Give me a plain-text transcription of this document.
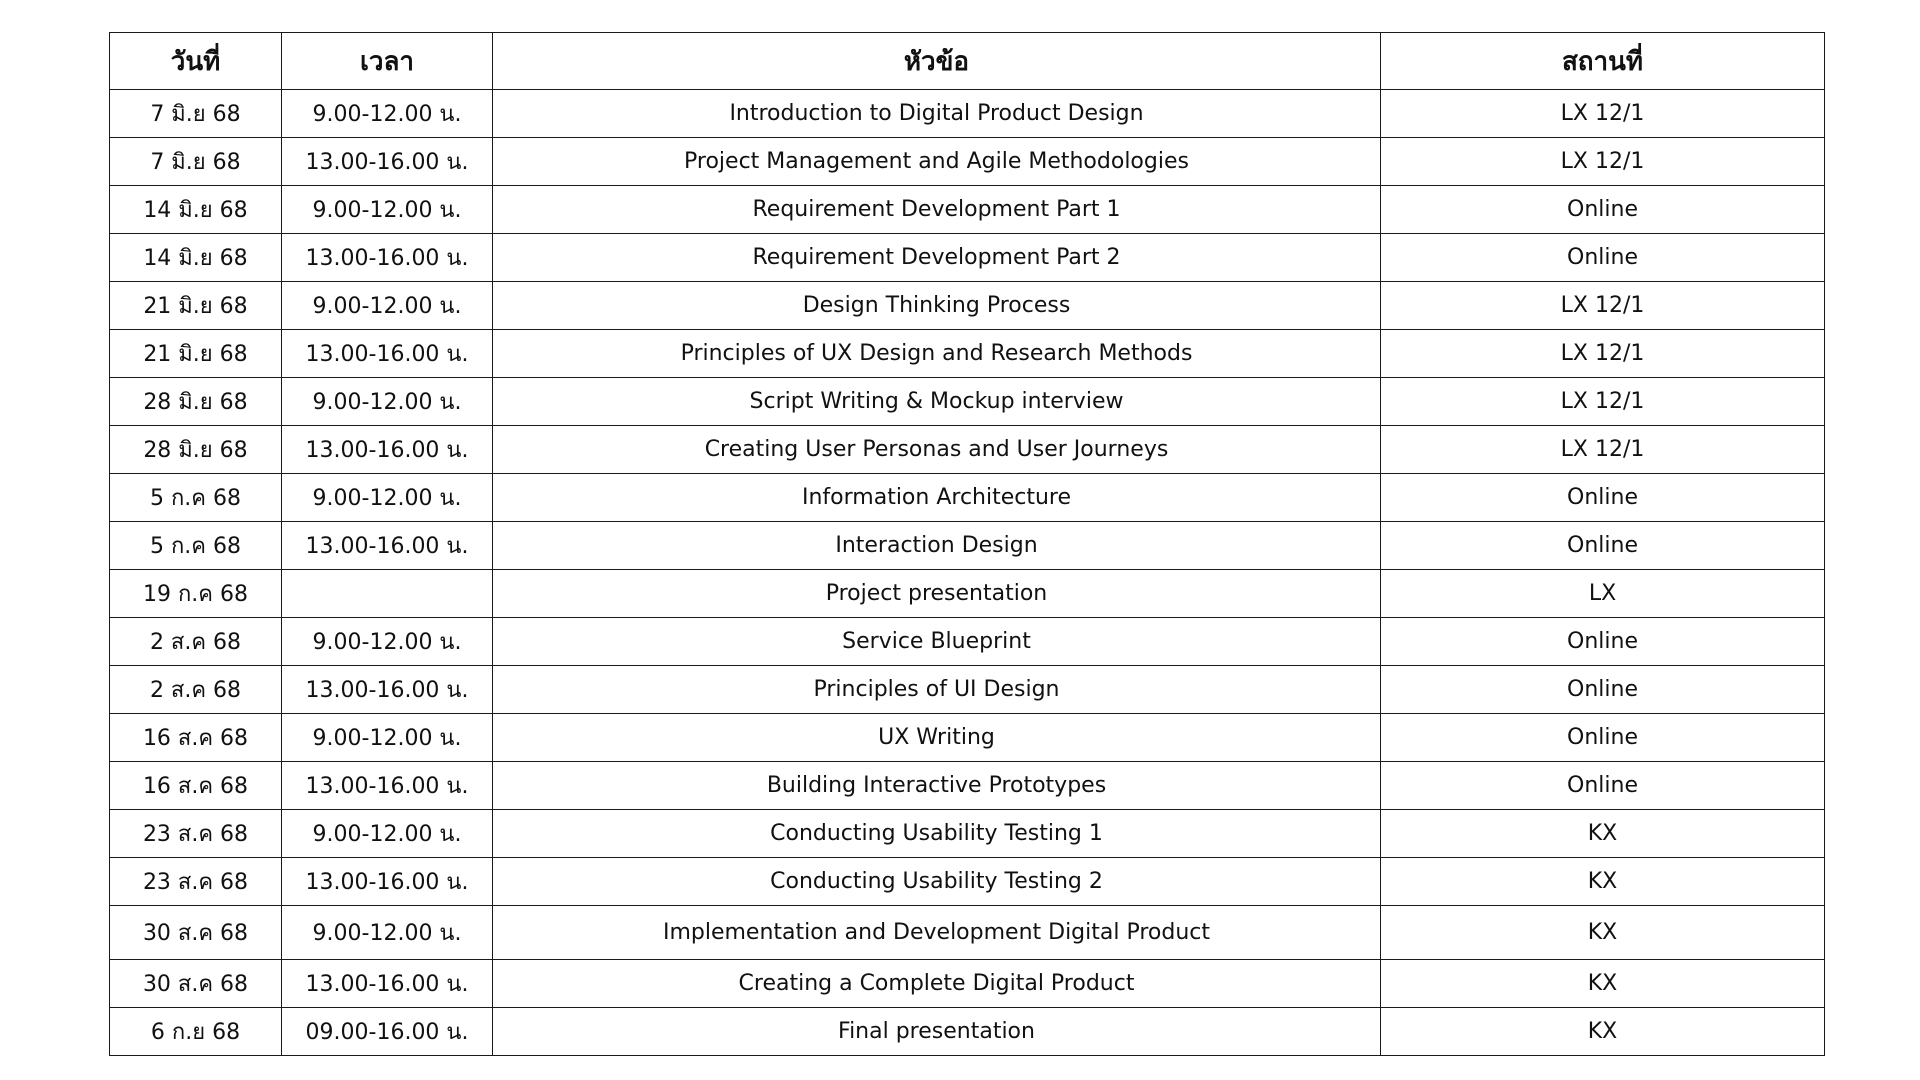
วันที่	เวลา	หัวข้อ	สถานที่
7 มิ.ย 68	9.00-12.00 น.	Introduction to Digital Product Design	LX 12/1
7 มิ.ย 68	13.00-16.00 น.	Project Management and Agile Methodologies	LX 12/1
14 มิ.ย 68	9.00-12.00 น.	Requirement Development Part 1	Online
14 มิ.ย 68	13.00-16.00 น.	Requirement Development Part 2	Online
21 มิ.ย 68	9.00-12.00 น.	Design Thinking Process	LX 12/1
21 มิ.ย 68	13.00-16.00 น.	Principles of UX Design and Research Methods	LX 12/1
28 มิ.ย 68	9.00-12.00 น.	Script Writing & Mockup interview	LX 12/1
28 มิ.ย 68	13.00-16.00 น.	Creating User Personas and User Journeys	LX 12/1
5 ก.ค 68	9.00-12.00 น.	Information Architecture	Online
5 ก.ค 68	13.00-16.00 น.	Interaction Design	Online
19 ก.ค 68		Project presentation	LX
2 ส.ค 68	9.00-12.00 น.	Service Blueprint	Online
2 ส.ค 68	13.00-16.00 น.	Principles of UI Design	Online
16 ส.ค 68	9.00-12.00 น.	UX Writing	Online
16 ส.ค 68	13.00-16.00 น.	Building Interactive Prototypes	Online
23 ส.ค 68	9.00-12.00 น.	Conducting Usability Testing 1	KX
23 ส.ค 68	13.00-16.00 น.	Conducting Usability Testing 2	KX
30 ส.ค 68	9.00-12.00 น.	Implementation and Development Digital Product	KX
30 ส.ค 68	13.00-16.00 น.	Creating a Complete Digital Product	KX
6 ก.ย 68	09.00-16.00 น.	Final presentation	KX
